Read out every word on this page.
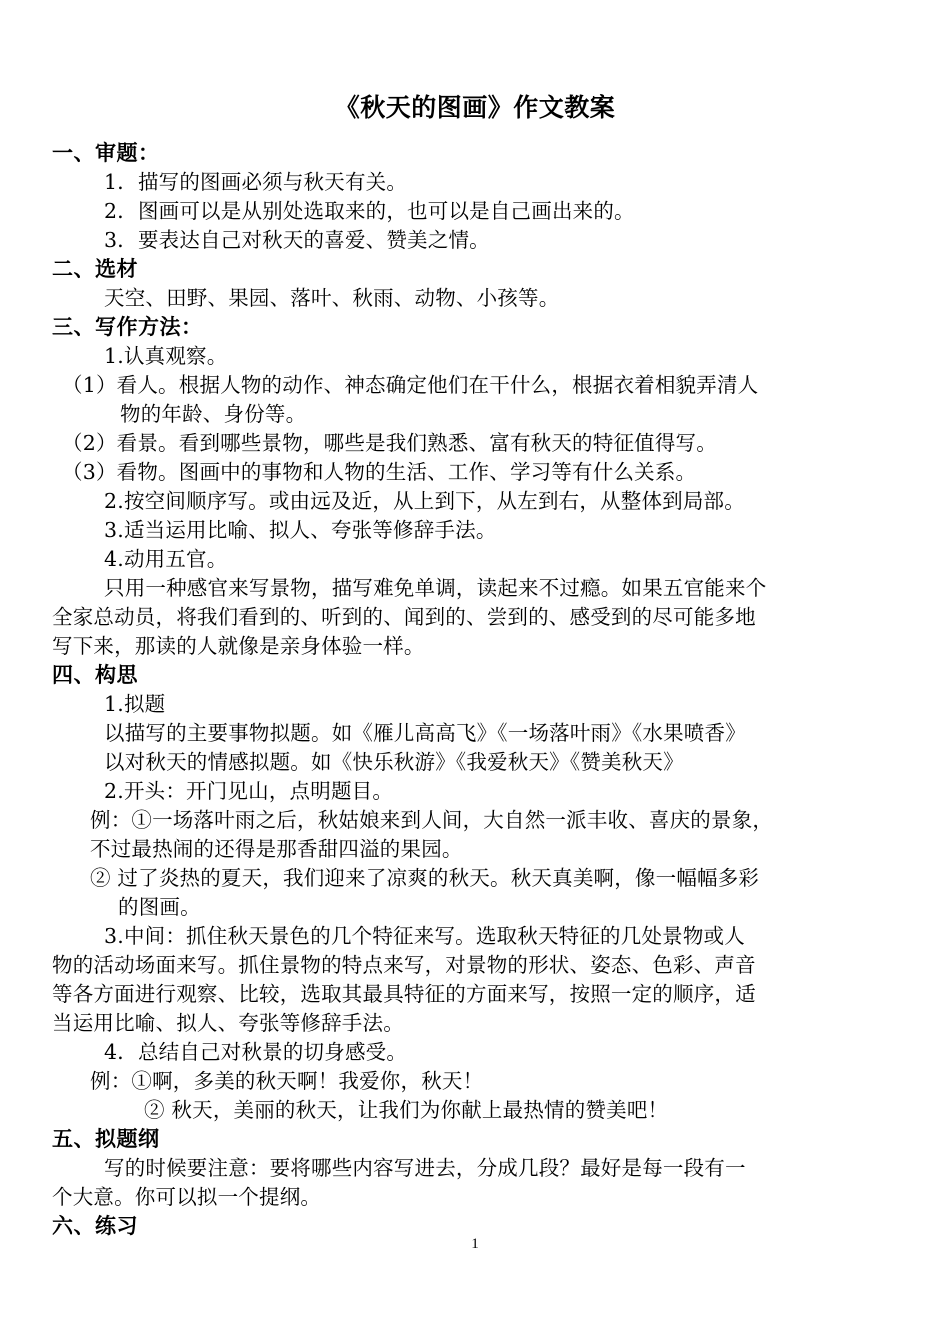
《秋天的图画》作文教案
一、审题：
1．描写的图画必须与秋天有关。
2．图画可以是从别处选取来的，也可以是自己画出来的。
3．要表达自己对秋天的喜爱、赞美之情。
二、选材
天空、田野、果园、落叶、秋雨、动物、小孩等。
三、写作方法：
1.认真观察。
（1）看人。根据人物的动作、神态确定他们在干什么，根据衣着相貌弄清人
物的年龄、身份等。
（2）看景。看到哪些景物，哪些是我们熟悉、富有秋天的特征值得写。
（3）看物。图画中的事物和人物的生活、工作、学习等有什么关系。
2.按空间顺序写。或由远及近，从上到下，从左到右，从整体到局部。
3.适当运用比喻、拟人、夸张等修辞手法。
4.动用五官。
只用一种感官来写景物，描写难免单调，读起来不过瘾。如果五官能来个
全家总动员，将我们看到的、听到的、闻到的、尝到的、感受到的尽可能多地
写下来，那读的人就像是亲身体验一样。
四、构思
1.拟题
以描写的主要事物拟题。如《雁儿高高飞》《一场落叶雨》《水果喷香》
以对秋天的情感拟题。如《快乐秋游》《我爱秋天》《赞美秋天》
2.开头：开门见山，点明题目。
例：①一场落叶雨之后，秋姑娘来到人间，大自然一派丰收、喜庆的景象，
不过最热闹的还得是那香甜四溢的果园。
② 过了炎热的夏天，我们迎来了凉爽的秋天。秋天真美啊，像一幅幅多彩
的图画。
3.中间：抓住秋天景色的几个特征来写。选取秋天特征的几处景物或人
物的活动场面来写。抓住景物的特点来写，对景物的形状、姿态、色彩、声音
等各方面进行观察、比较，选取其最具特征的方面来写，按照一定的顺序，适
当运用比喻、拟人、夸张等修辞手法。
4．总结自己对秋景的切身感受。
例：①啊，多美的秋天啊！我爱你，秋天！
② 秋天，美丽的秋天，让我们为你献上最热情的赞美吧！
五、拟题纲
写的时候要注意：要将哪些内容写进去，分成几段？最好是每一段有一
个大意。你可以拟一个提纲。
六、练习
1
